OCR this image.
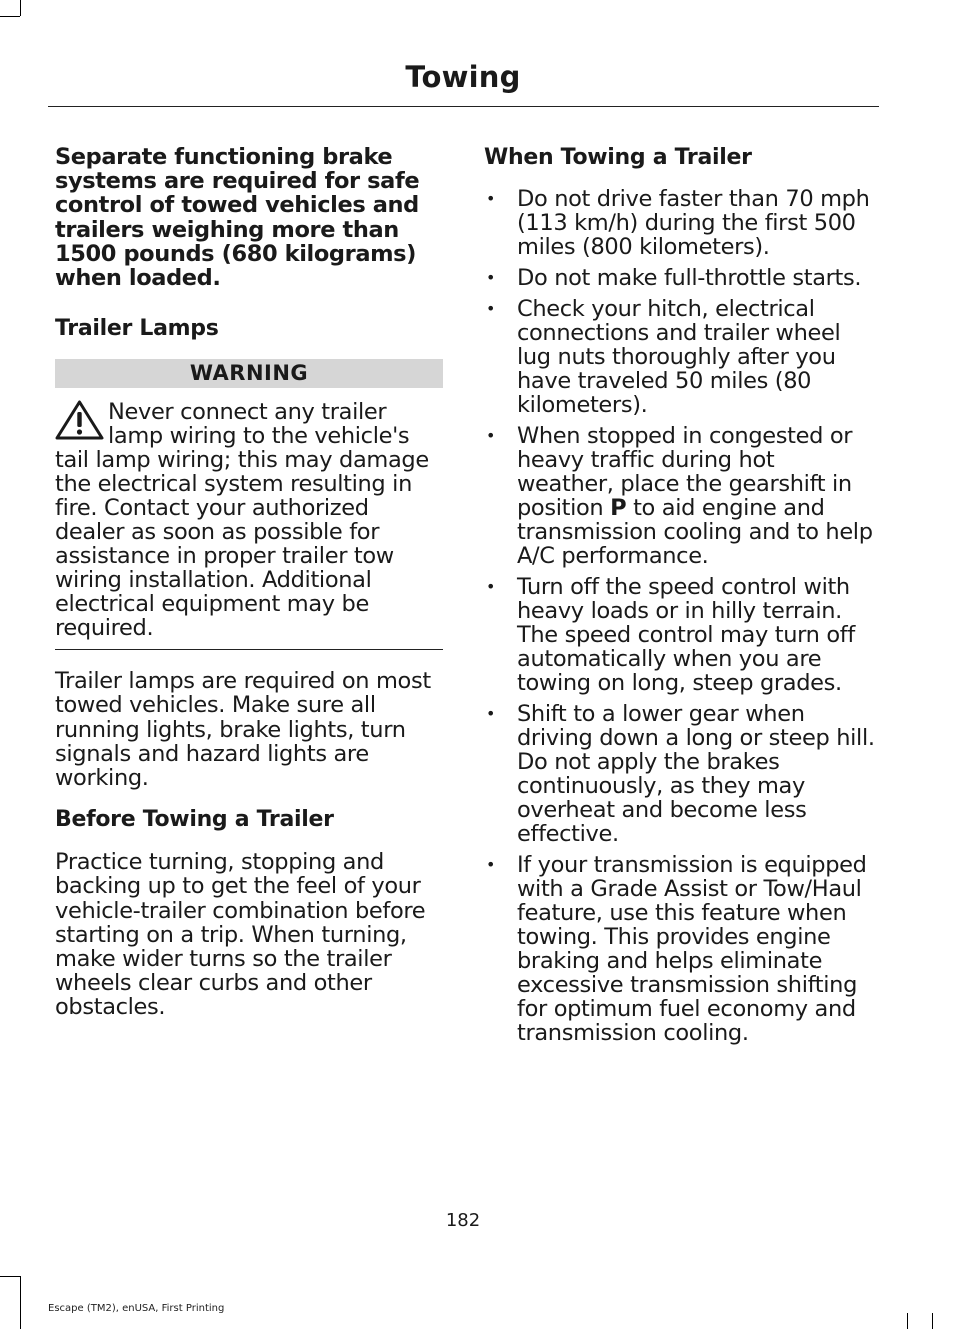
Towing

Separate functioning brake systems are required for safe control of towed vehicles and trailers weighing more than 1500 pounds (680 kilograms) when loaded.

Trailer Lamps
WARNING

Never connect any trailer
lamp wiring to the vehicle's tail lamp wiring; this may damage the electrical system resulting in fire. Contact your authorized dealer as soon as possible for assistance in proper trailer tow wiring installation. Additional electrical equipment may be required.

Trailer lamps are required on most towed vehicles. Make sure all running lights, brake lights, turn signals and hazard lights are working.

Before Towing a Trailer

Practice turning, stopping and backing up to get the feel of your vehicle-trailer combination before starting on a trip. When turning, make wider turns so the trailer wheels clear curbs and other obstacles.

When Towing a Trailer
• Do not drive faster than 70 mph (113 km/h) during the first 500 miles (800 kilometers).
• Do not make full-throttle starts.
• Check your hitch, electrical connections and trailer wheel lug nuts thoroughly after you have traveled 50 miles (80 kilometers).
• When stopped in congested or heavy traffic during hot weather, place the gearshift in position P to aid engine and transmission cooling and to help A/C performance.
• Turn off the speed control with heavy loads or in hilly terrain. The speed control may turn off automatically when you are towing on long, steep grades.
• Shift to a lower gear when driving down a long or steep hill. Do not apply the brakes continuously, as they may overheat and become less effective.
• If your transmission is equipped with a Grade Assist or Tow/Haul feature, use this feature when towing. This provides engine braking and helps eliminate excessive transmission shifting for optimum fuel economy and transmission cooling.
182
Escape (TM2), enUSA, First Printing
